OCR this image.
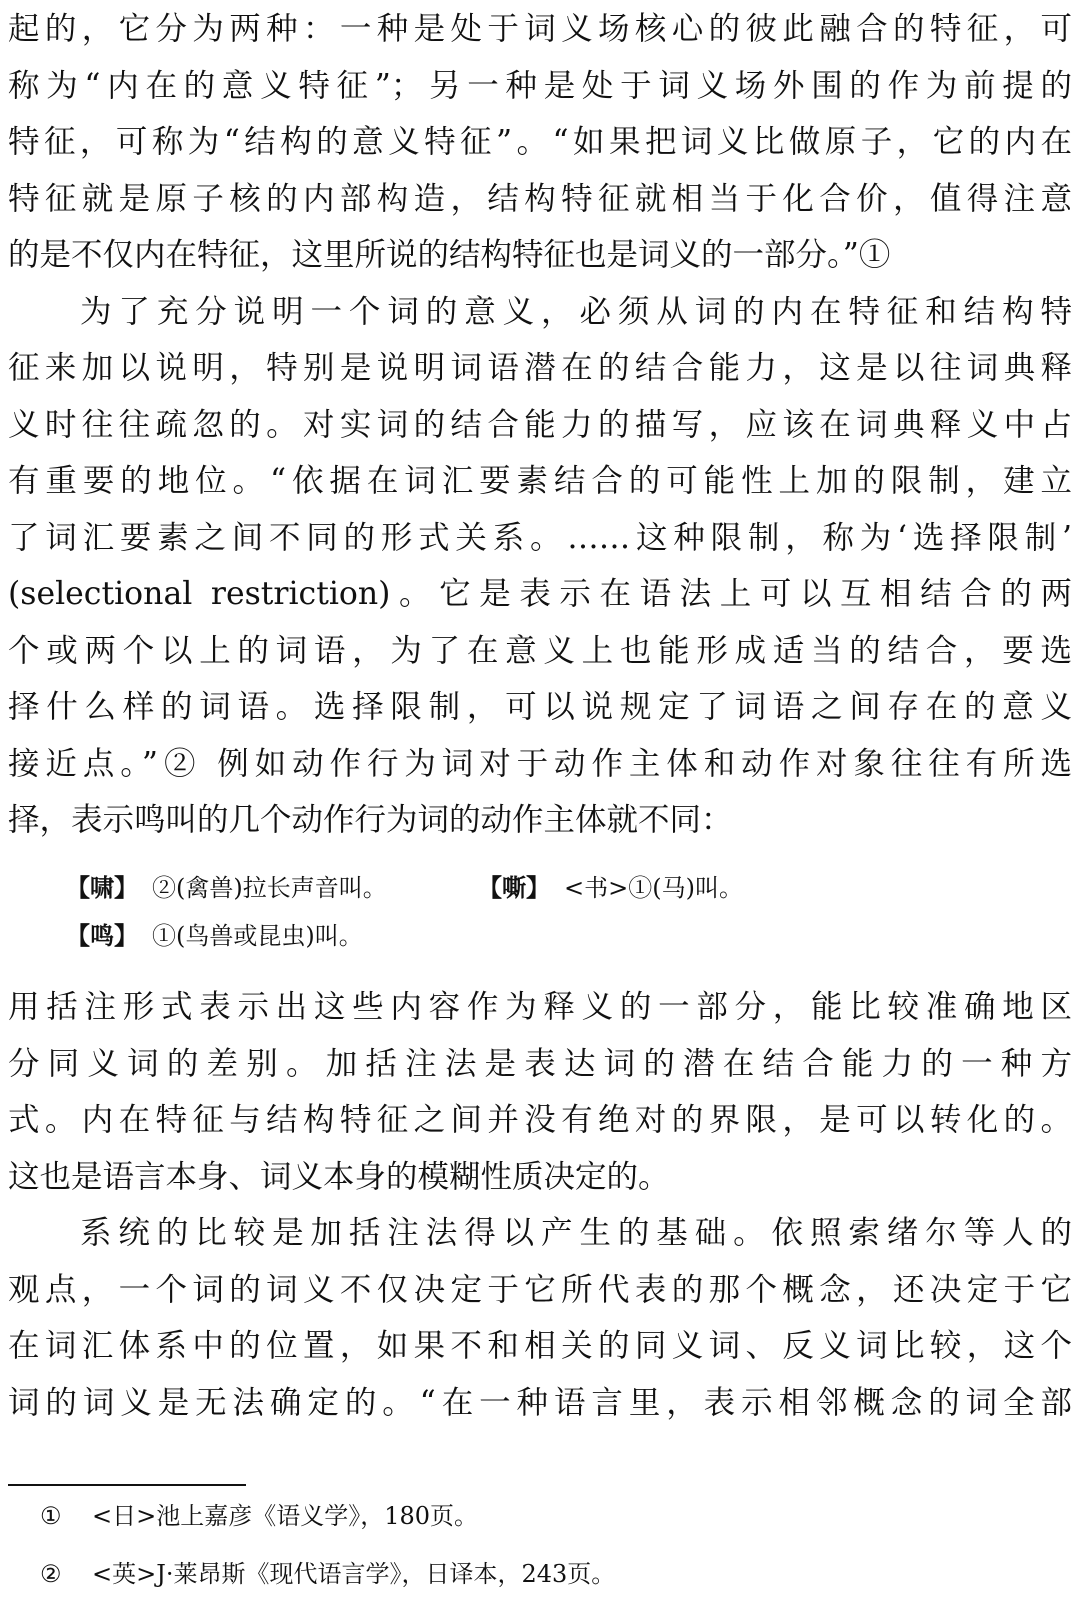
起的，它分为两种：一种是处于词义场核心的彼此融合的特征，可
称为“内在的意义特征”；另一种是处于词义场外围的作为前提的
特征，可称为“结构的意义特征”。“如果把词义比做原子，它的内在
特征就是原子核的内部构造，结构特征就相当于化合价，值得注意
的是不仅内在特征，这里所说的结构特征也是词义的一部分。”①
为了充分说明一个词的意义，必须从词的内在特征和结构特
征来加以说明，特别是说明词语潜在的结合能力，这是以往词典释
义时往往疏忽的。对实词的结合能力的描写，应该在词典释义中占
有重要的地位。“依据在词汇要素结合的可能性上加的限制，建立
了词汇要素之间不同的形式关系。……这种限制，称为‘选择限制’
(selectional restriction)。它是表示在语法上可以互相结合的两
个或两个以上的词语，为了在意义上也能形成适当的结合，要选
择什么样的词语。选择限制，可以说规定了词语之间存在的意义
接近点。”② 例如动作行为词对于动作主体和动作对象往往有所选
择，表示鸣叫的几个动作行为词的动作主体就不同：
【啸】 ②(禽兽)拉长声音叫。	【嘶】 <书>①(马)叫。
【鸣】 ①(鸟兽或昆虫)叫。
用括注形式表示出这些内容作为释义的一部分，能比较准确地区
分同义词的差别。加括注法是表达词的潜在结合能力的一种方
式。内在特征与结构特征之间并没有绝对的界限，是可以转化的。
这也是语言本身、词义本身的模糊性质决定的。
系统的比较是加括注法得以产生的基础。依照索绪尔等人的
观点，一个词的词义不仅决定于它所代表的那个概念，还决定于它
在词汇体系中的位置，如果不和相关的同义词、反义词比较，这个
词的词义是无法确定的。“在一种语言里，表示相邻概念的词全部
① <日>池上嘉彦《语义学》，180页。
② <英>J·莱昂斯《现代语言学》，日译本，243页。
